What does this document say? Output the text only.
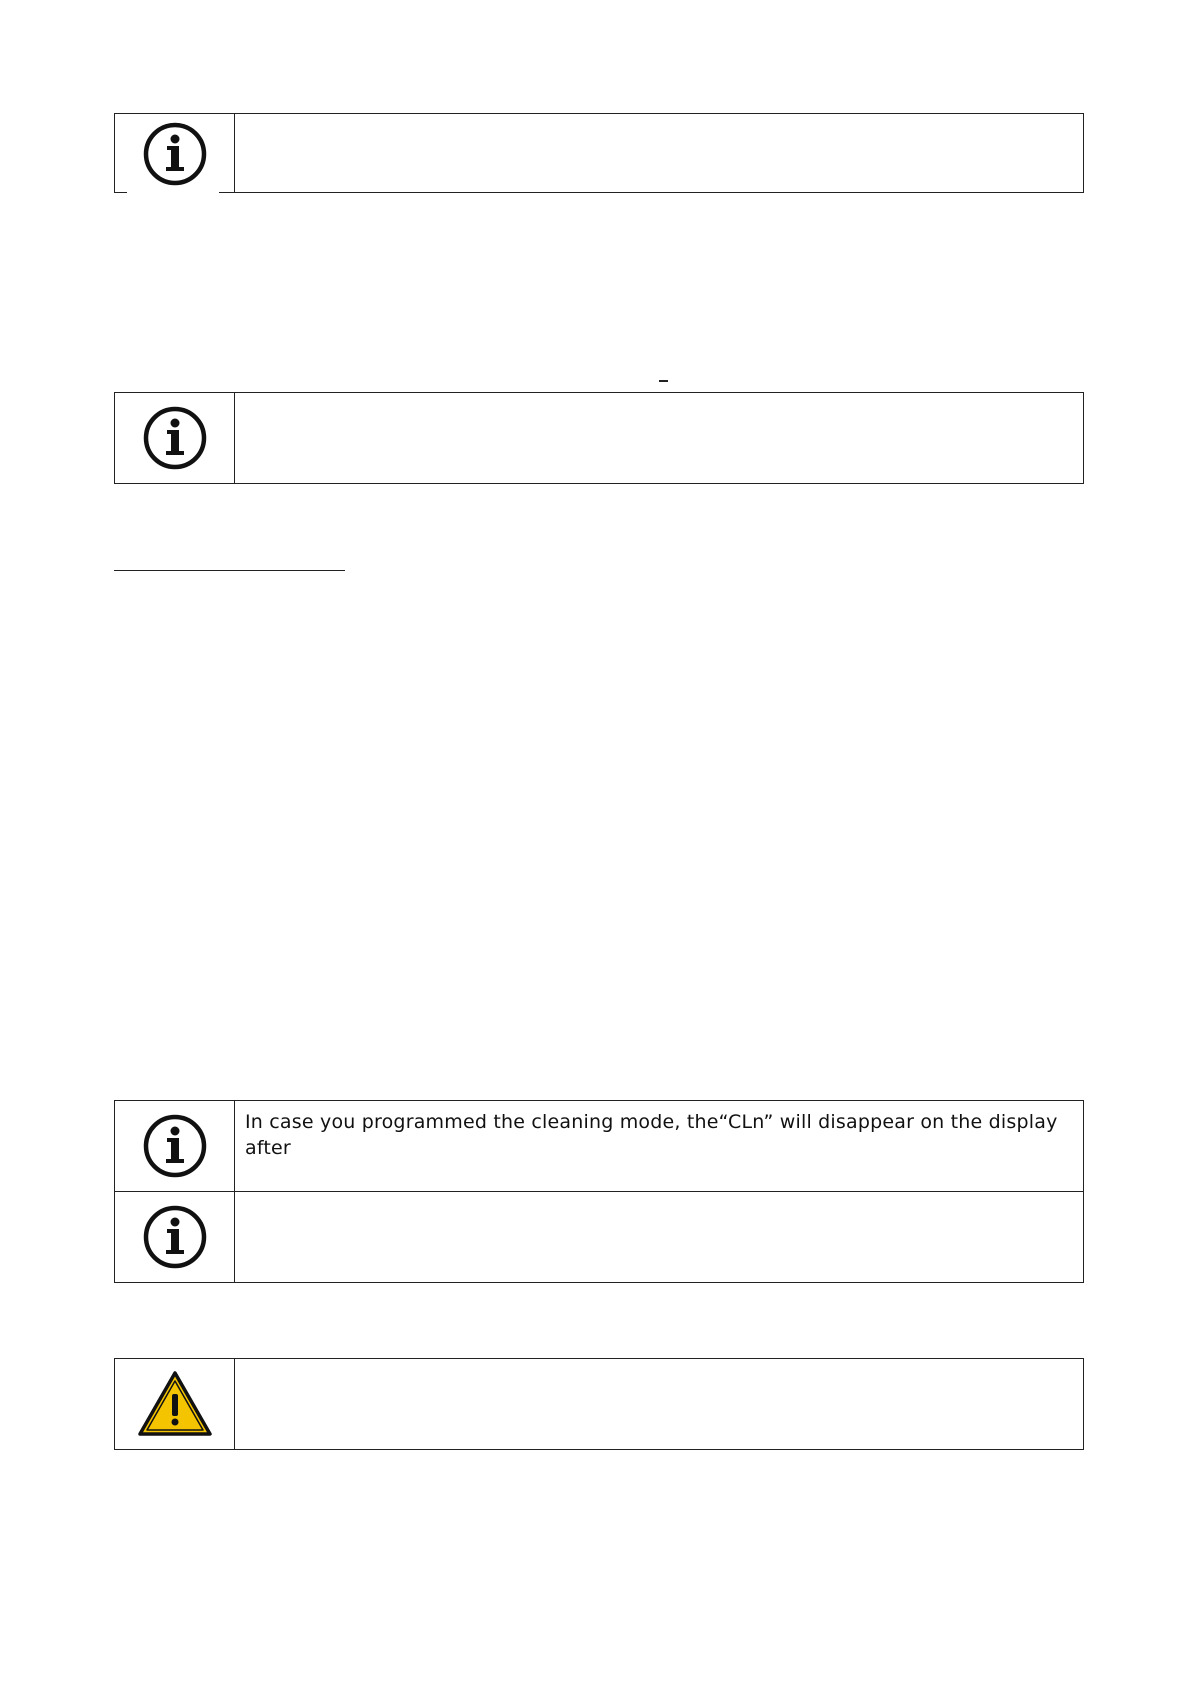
In case you programmed the cleaning mode, the“CLn” will disappear on the display after
